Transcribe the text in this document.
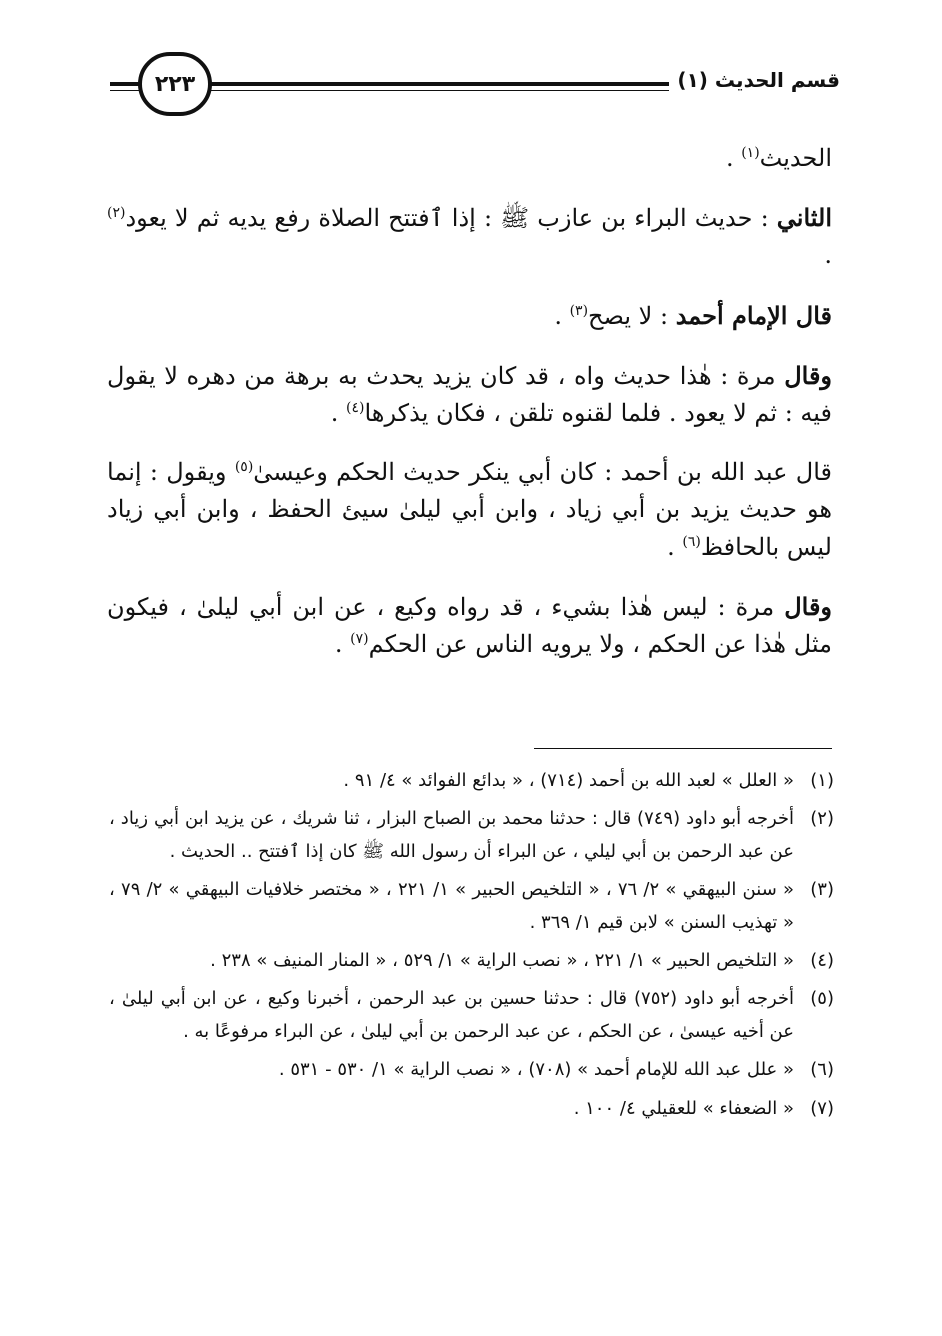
قسم الحديث (١)
٢٢٣

الحديث$^{(١)}$ .

الثاني : حديث البراء بن عازب ﷺ : إذا ٱفتتح الصلاة رفع يديه ثم لا يعود$^{(٢)}$ .

قال الإمام أحمد : لا يصح$^{(٣)}$ .

وقال مرة : هٰذا حديث واه ، قد كان يزيد يحدث به برهة من دهره لا يقول فيه : ثم لا يعود . فلما لقنوه تلقن ، فكان يذكرها$^{(٤)}$ .

قال عبد الله بن أحمد : كان أبي ينكر حديث الحكم وعيسىٰ$^{(٥)}$ ويقول : إنما هو حديث يزيد بن أبي زياد ، وابن أبي ليلىٰ سيئ الحفظ ، وابن أبي زياد ليس بالحافظ$^{(٦)}$ .

وقال مرة : ليس هٰذا بشيء ، قد رواه وكيع ، عن ابن أبي ليلىٰ ، فيكون مثل هٰذا عن الحكم ، ولا يرويه الناس عن الحكم$^{(٧)}$ .

(١)
« العلل » لعبد الله بن أحمد (٧١٤) ، « بدائع الفوائد » ٤/ ٩١ .
(٢)
أخرجه أبو داود (٧٤٩) قال : حدثنا محمد بن الصباح البزار ، ثنا شريك ، عن يزيد ابن أبي زياد ، عن عبد الرحمن بن أبي ليلي ، عن البراء أن رسول الله ﷺ كان إذا ٱفتتح .. الحديث .
(٣)
« سنن البيهقي » ٢/ ٧٦ ، « التلخيص الحبير » ١/ ٢٢١ ، « مختصر خلافيات البيهقي » ٢/ ٧٩ ، « تهذيب السنن » لابن قيم ١/ ٣٦٩ .
(٤)
« التلخيص الحبير » ١/ ٢٢١ ، « نصب الراية » ١/ ٥٢٩ ، « المنار المنيف » ٢٣٨ .
(٥)
أخرجه أبو داود (٧٥٢) قال : حدثنا حسين بن عبد الرحمن ، أخبرنا وكيع ، عن ابن أبي ليلىٰ ، عن أخيه عيسىٰ ، عن الحكم ، عن عبد الرحمن بن أبي ليلىٰ ، عن البراء مرفوعًا به .
(٦)
« علل عبد الله للإمام أحمد » (٧٠٨) ، « نصب الراية » ١/ ٥٣٠ - ٥٣١ .
(٧)
« الضعفاء » للعقيلي ٤/ ١٠٠ .
